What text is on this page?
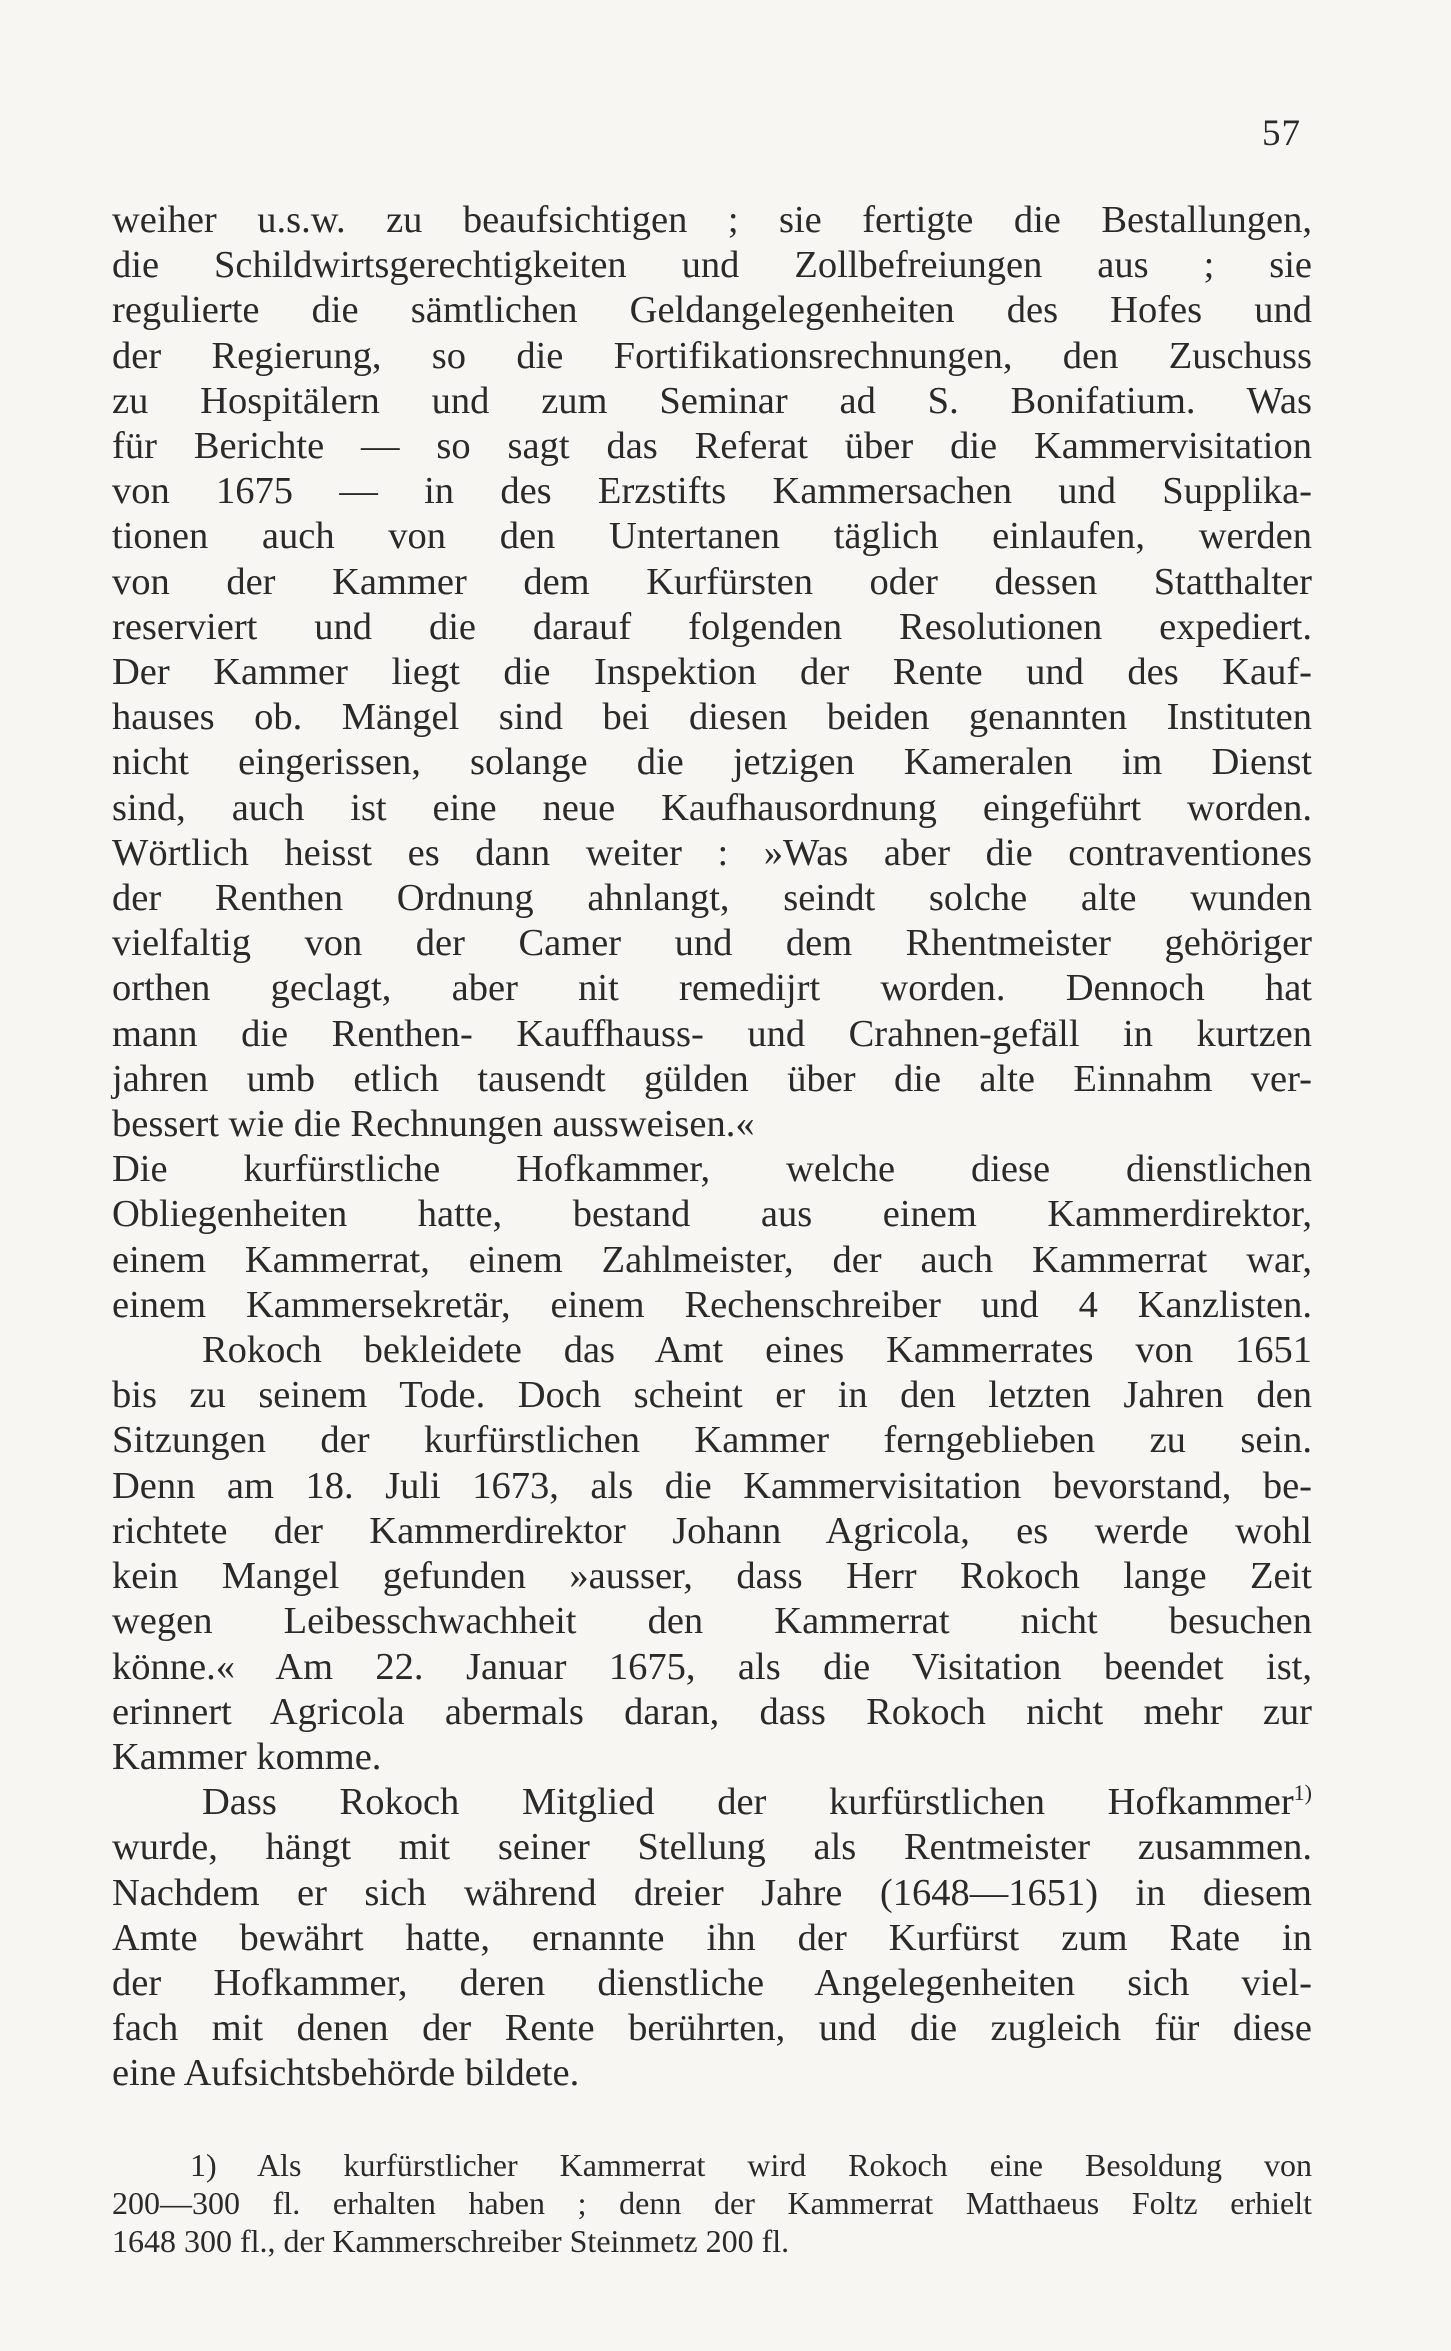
57
weiher u.s.w. zu beaufsichtigen ; sie fertigte die Bestallungen,
die Schildwirtsgerechtigkeiten und Zollbefreiungen aus ; sie
regulierte die sämtlichen Geldangelegenheiten des Hofes und
der Regierung, so die Fortifikationsrechnungen, den Zuschuss
zu Hospitälern und zum Seminar ad S. Bonifatium. Was
für Berichte — so sagt das Referat über die Kammervisitation
von 1675 — in des Erzstifts Kammersachen und Supplika-
tionen auch von den Untertanen täglich einlaufen, werden
von der Kammer dem Kurfürsten oder dessen Statthalter
reserviert und die darauf folgenden Resolutionen expediert.
Der Kammer liegt die Inspektion der Rente und des Kauf-
hauses ob. Mängel sind bei diesen beiden genannten Instituten
nicht eingerissen, solange die jetzigen Kameralen im Dienst
sind, auch ist eine neue Kaufhausordnung eingeführt worden.
Wörtlich heisst es dann weiter : »Was aber die contraventiones
der Renthen Ordnung ahnlangt, seindt solche alte wunden
vielfaltig von der Camer und dem Rhentmeister gehöriger
orthen geclagt, aber nit remedijrt worden. Dennoch hat
mann die Renthen- Kauffhauss- und Crahnen-gefäll in kurtzen
jahren umb etlich tausendt gülden über die alte Einnahm ver-
bessert wie die Rechnungen ausswеisen.«
Die kurfürstliche Hofkammer, welche diese dienstlichen
Obliegenheiten hatte, bestand aus einem Kammerdirektor,
einem Kammerrat, einem Zahlmeister, der auch Kammerrat war,
einem Kammersekretär, einem Rechenschreiber und 4 Kanzlisten.
Rokoch bekleidete das Amt eines Kammerrates von 1651
bis zu seinem Tode. Doch scheint er in den letzten Jahren den
Sitzungen der kurfürstlichen Kammer ferngeblieben zu sein.
Denn am 18. Juli 1673, als die Kammervisitation bevorstand, be-
richtete der Kammerdirektor Johann Agricola, es werde wohl
kein Mangel gefunden »ausser, dass Herr Rokoch lange Zeit
wegen Leibesschwachheit den Kammerrat nicht besuchen
könne.« Am 22. Januar 1675, als die Visitation beendet ist,
erinnert Agricola abermals daran, dass Rokoch nicht mehr zur
Kammer komme.
Dass Rokoch Mitglied der kurfürstlichen Hofkammer$^{1)}$
wurde, hängt mit seiner Stellung als Rentmeister zusammen.
Nachdem er sich während dreier Jahre (1648—1651) in diesem
Amte bewährt hatte, ernannte ihn der Kurfürst zum Rate in
der Hofkammer, deren dienstliche Angelegenheiten sich viel-
fach mit denen der Rente berührten, und die zugleich für diese
eine Aufsichtsbehörde bildete.
1) Als kurfürstlicher Kammerrat wird Rokoch eine Besoldung von
200—300 fl. erhalten haben ; denn der Kammerrat Matthaeus Foltz erhielt
1648 300 fl., der Kammerschreiber Steinmetz 200 fl.
